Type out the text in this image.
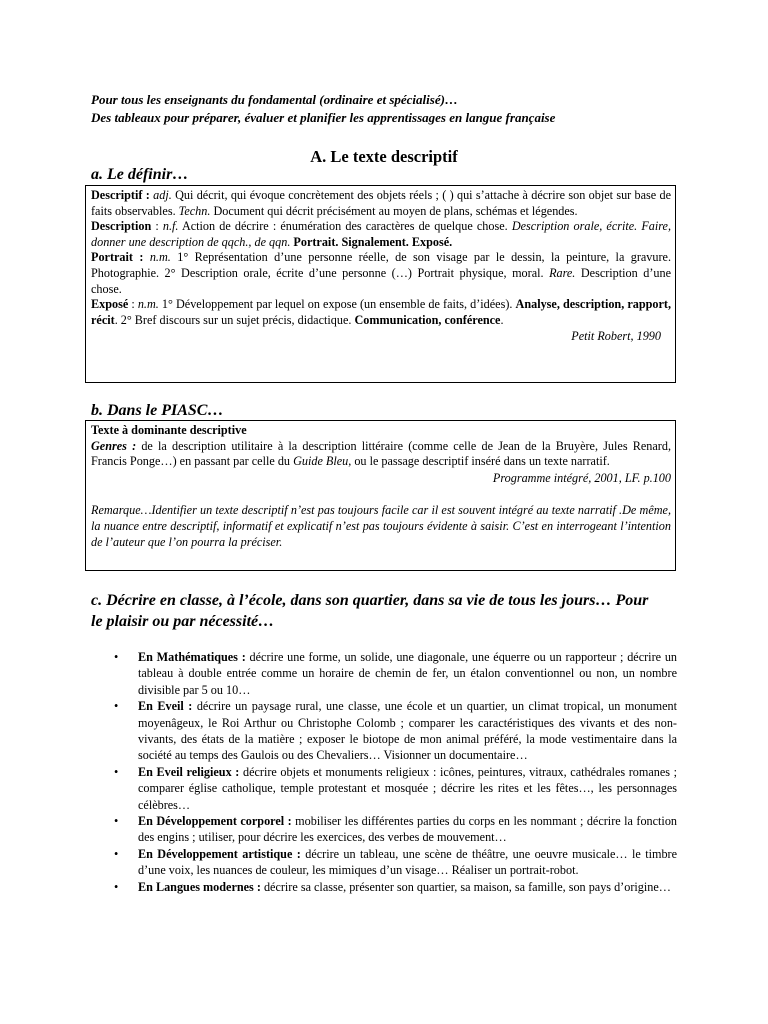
Pour tous les enseignants du fondamental (ordinaire et spécialisé)…
Des tableaux pour préparer, évaluer et planifier les apprentissages en langue française
A. Le texte descriptif
a. Le définir…

Descriptif : adj. Qui décrit, qui évoque concrètement des objets réels ; ( ) qui s’attache à décrire son objet sur base de faits observables. Techn. Document qui décrit précisément au moyen de plans, schémas et légendes.

Description : n.f. Action de décrire : énumération des caractères de quelque chose. Description orale, écrite. Faire, donner une description de qqch., de qqn. Portrait. Signalement. Exposé.

Portrait : n.m. 1° Représentation d’une personne réelle, de son visage par le dessin, la peinture, la gravure. Photographie. 2° Description orale, écrite d’une personne (…) Portrait physique, moral. Rare. Description d’une chose.

Exposé : n.m. 1° Développement par lequel on expose (un ensemble de faits, d’idées). Analyse, description, rapport, récit. 2° Bref discours sur un sujet précis, didactique. Communication, conférence.

Petit Robert, 1990

b. Dans le PIASC…

Texte à dominante descriptive

Genres : de la description utilitaire à la description littéraire (comme celle de Jean de la Bruyère, Jules Renard, Francis Ponge…) en passant par celle du Guide Bleu, ou le passage descriptif inséré dans un texte narratif.

Programme intégré, 2001, LF. p.100

Remarque…Identifier un texte descriptif n’est pas toujours facile car il est souvent intégré au texte narratif .De même, la nuance entre descriptif, informatif et explicatif n’est pas toujours évidente à saisir. C’est en interrogeant l’intention de l’auteur que l’on pourra la préciser.

c. Décrire en classe, à l’école, dans son quartier, dans sa vie de tous les jours… Pour le plaisir ou par nécessité…
• En Mathématiques : décrire une forme, un solide, une diagonale, une équerre ou un rapporteur ; décrire un tableau à double entrée comme un horaire de chemin de fer, un étalon conventionnel ou non, un nombre divisible par 5 ou 10…
• En Eveil : décrire un paysage rural, une classe, une école et un quartier, un climat tropical, un monument moyenâgeux, le Roi Arthur ou Christophe Colomb ; comparer les caractéristiques des vivants et des non-vivants, des états de la matière ; exposer le biotope de mon animal préféré, la mode vestimentaire dans la société au temps des Gaulois ou des Chevaliers… Visionner un documentaire…
• En Eveil religieux : décrire objets et monuments religieux : icônes, peintures, vitraux, cathédrales romanes ; comparer église catholique, temple protestant et mosquée ; décrire les rites et les fêtes…, les personnages célèbres…
• En Développement corporel : mobiliser les différentes parties du corps en les nommant ; décrire la fonction des engins ; utiliser, pour décrire les exercices, des verbes de mouvement…
• En Développement artistique : décrire un tableau, une scène de théâtre, une oeuvre musicale… le timbre d’une voix, les nuances de couleur, les mimiques d’un visage… Réaliser un portrait-robot.
• En Langues modernes : décrire sa classe, présenter son quartier, sa maison, sa famille, son pays d’origine…
